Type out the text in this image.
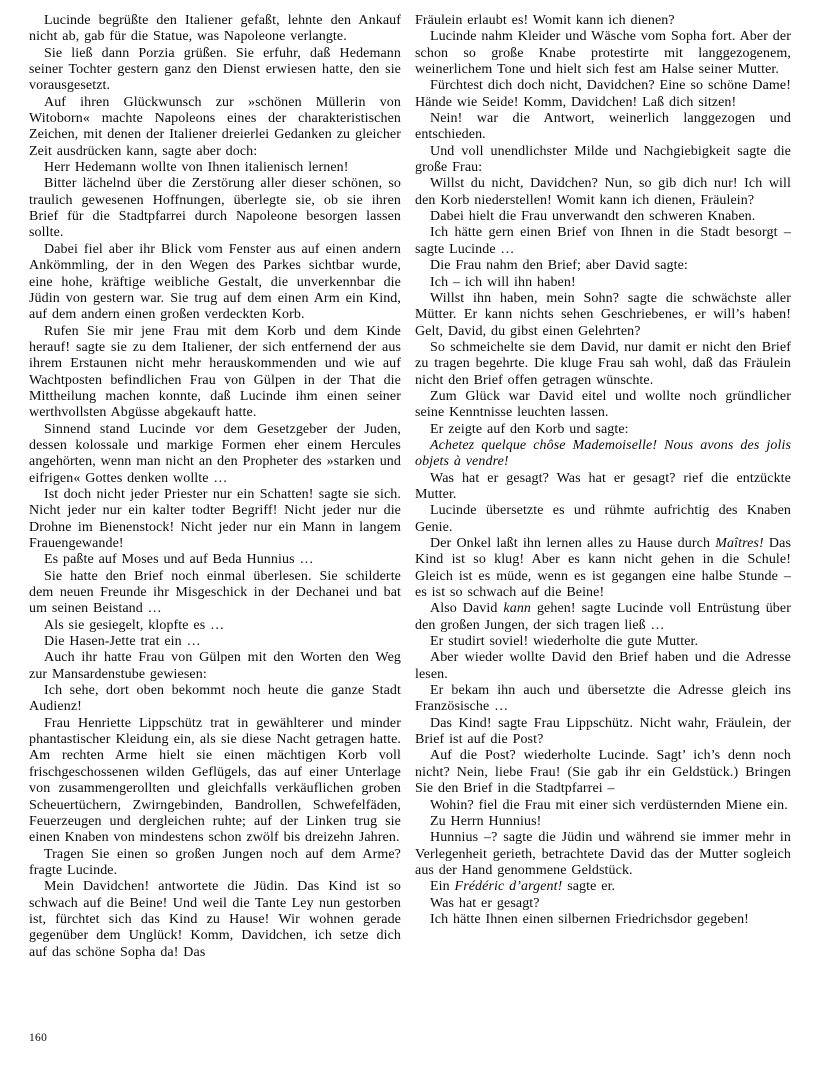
Lucinde begrüßte den Italiener gefaßt, lehnte den Ankauf nicht ab, gab für die Statue, was Napoleone verlangte.

Sie ließ dann Porzia grüßen. Sie erfuhr, daß Hedemann seiner Tochter gestern ganz den Dienst erwiesen hatte, den sie vorausgesetzt.

Auf ihren Glückwunsch zur »schönen Müllerin von Witoborn« machte Napoleons eines der charakteristischen Zeichen, mit denen der Italiener dreierlei Gedanken zu gleicher Zeit ausdrücken kann, sagte aber doch:

Herr Hedemann wollte von Ihnen italienisch lernen!

Bitter lächelnd über die Zerstörung aller dieser schönen, so traulich gewesenen Hoffnungen, überlegte sie, ob sie ihren Brief für die Stadtpfarrei durch Napoleone besorgen lassen sollte.

Dabei fiel aber ihr Blick vom Fenster aus auf einen andern Ankömmling, der in den Wegen des Parkes sichtbar wurde, eine hohe, kräftige weibliche Gestalt, die unverkennbar die Jüdin von gestern war. Sie trug auf dem einen Arm ein Kind, auf dem andern einen großen verdeckten Korb.

Rufen Sie mir jene Frau mit dem Korb und dem Kinde herauf! sagte sie zu dem Italiener, der sich entfernend der aus ihrem Erstaunen nicht mehr herauskommenden und wie auf Wachtposten befindlichen Frau von Gülpen in der That die Mittheilung machen konnte, daß Lucinde ihm einen seiner werthvollsten Abgüsse abgekauft hatte.

Sinnend stand Lucinde vor dem Gesetzgeber der Juden, dessen kolossale und markige Formen eher einem Hercules angehörten, wenn man nicht an den Propheter des »starken und eifrigen« Gottes denken wollte …

Ist doch nicht jeder Priester nur ein Schatten! sagte sie sich. Nicht jeder nur ein kalter todter Begriff! Nicht jeder nur die Drohne im Bienenstock! Nicht jeder nur ein Mann in langem Frauengewande!

Es paßte auf Moses und auf Beda Hunnius …

Sie hatte den Brief noch einmal überlesen. Sie schilderte dem neuen Freunde ihr Misgeschick in der Dechanei und bat um seinen Beistand …

Als sie gesiegelt, klopfte es …

Die Hasen-Jette trat ein …

Auch ihr hatte Frau von Gülpen mit den Worten den Weg zur Mansardenstube gewiesen:

Ich sehe, dort oben bekommt noch heute die ganze Stadt Audienz!

Frau Henriette Lippschütz trat in gewählterer und minder phantastischer Kleidung ein, als sie diese Nacht getragen hatte. Am rechten Arme hielt sie einen mächtigen Korb voll frischgeschossenen wilden Geflügels, das auf einer Unterlage von zusammengerollten und gleichfalls verkäuflichen groben Scheuertüchern, Zwirngebinden, Bandrollen, Schwefelfäden, Feuerzeugen und dergleichen ruhte; auf der Linken trug sie einen Knaben von mindestens schon zwölf bis dreizehn Jahren.

Tragen Sie einen so großen Jungen noch auf dem Arme? fragte Lucinde.

Mein Davidchen! antwortete die Jüdin. Das Kind ist so schwach auf die Beine! Und weil die Tante Ley nun gestorben ist, fürchtet sich das Kind zu Hause! Wir wohnen gerade gegenüber dem Unglück! Komm, Davidchen, ich setze dich auf das schöne Sopha da! Das

Fräulein erlaubt es! Womit kann ich dienen?

Lucinde nahm Kleider und Wäsche vom Sopha fort. Aber der schon so große Knabe protestirte mit langgezogenem, weinerlichem Tone und hielt sich fest am Halse seiner Mutter.

Fürchtest dich doch nicht, Davidchen? Eine so schöne Dame! Hände wie Seide! Komm, Davidchen! Laß dich sitzen!

Nein! war die Antwort, weinerlich langgezogen und entschieden.

Und voll unendlichster Milde und Nachgiebigkeit sagte die große Frau:

Willst du nicht, Davidchen? Nun, so gib dich nur! Ich will den Korb niederstellen! Womit kann ich dienen, Fräulein?

Dabei hielt die Frau unverwandt den schweren Knaben.

Ich hätte gern einen Brief von Ihnen in die Stadt besorgt – sagte Lucinde …

Die Frau nahm den Brief; aber David sagte:

Ich – ich will ihn haben!

Willst ihn haben, mein Sohn? sagte die schwächste aller Mütter. Er kann nichts sehen Geschriebenes, er will’s haben! Gelt, David, du gibst einen Gelehrten?

So schmeichelte sie dem David, nur damit er nicht den Brief zu tragen begehrte. Die kluge Frau sah wohl, daß das Fräulein nicht den Brief offen getragen wünschte.

Zum Glück war David eitel und wollte noch gründlicher seine Kenntnisse leuchten lassen.

Er zeigte auf den Korb und sagte:

Achetez quelque chôse Mademoiselle! Nous avons des jolis objets à vendre!

Was hat er gesagt? Was hat er gesagt? rief die entzückte Mutter.

Lucinde übersetzte es und rühmte aufrichtig des Knaben Genie.

Der Onkel laßt ihn lernen alles zu Hause durch Maîtres! Das Kind ist so klug! Aber es kann nicht gehen in die Schule! Gleich ist es müde, wenn es ist gegangen eine halbe Stunde – es ist so schwach auf die Beine!

Also David kann gehen! sagte Lucinde voll Entrüstung über den großen Jungen, der sich tragen ließ …

Er studirt soviel! wiederholte die gute Mutter.

Aber wieder wollte David den Brief haben und die Adresse lesen.

Er bekam ihn auch und übersetzte die Adresse gleich ins Französische …

Das Kind! sagte Frau Lippschütz. Nicht wahr, Fräulein, der Brief ist auf die Post?

Auf die Post? wiederholte Lucinde. Sagt’ ich’s denn noch nicht? Nein, liebe Frau! (Sie gab ihr ein Geldstück.) Bringen Sie den Brief in die Stadtpfarrei –

Wohin? fiel die Frau mit einer sich verdüsternden Miene ein.

Zu Herrn Hunnius!

Hunnius –? sagte die Jüdin und während sie immer mehr in Verlegenheit gerieth, betrachtete David das der Mutter sogleich aus der Hand genommene Geldstück.

Ein Frédéric d’argent! sagte er.

Was hat er gesagt?

Ich hätte Ihnen einen silbernen Friedrichsdor gegeben!

160
